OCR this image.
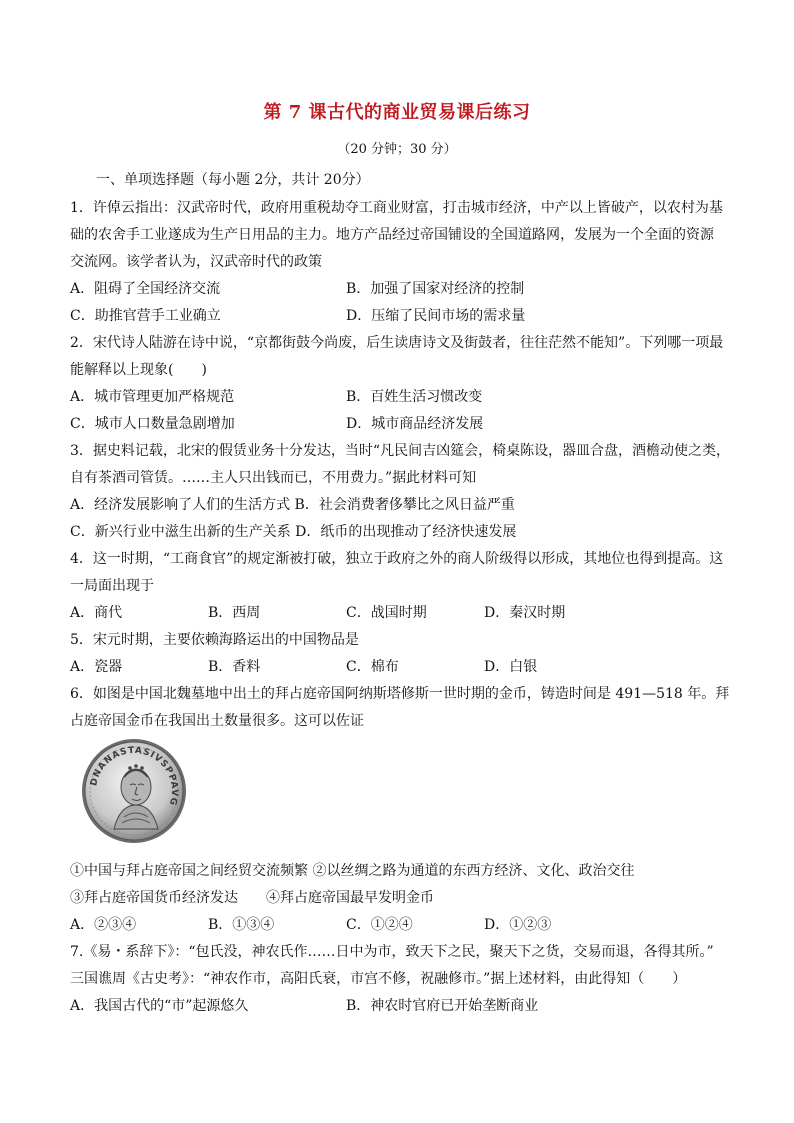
第 7 课古代的商业贸易课后练习
（20 分钟；30 分）
一、单项选择题（每小题 2分，共计 20分）
1．许倬云指出：汉武帝时代，政府用重税劫夺工商业财富，打击城市经济，中产以上皆破产，以农村为基
础的农舍手工业遂成为生产日用品的主力。地方产品经过帝国铺设的全国道路网，发展为一个全面的资源
交流网。该学者认为，汉武帝时代的政策
A．阻碍了全国经济交流	B．加强了国家对经济的控制
C．助推官营手工业确立	D．压缩了民间市场的需求量
2．宋代诗人陆游在诗中说，“京都街鼓今尚废，后生读唐诗文及街鼓者，往往茫然不能知”。下列哪一项最
能解释以上现象(　　)
A．城市管理更加严格规范	B．百姓生活习惯改变
C．城市人口数量急剧增加	D．城市商品经济发展
3．据史料记载，北宋的假赁业务十分发达，当时“凡民间吉凶筵会，椅桌陈设，器皿合盘，酒檐动使之类，
自有茶酒司管赁。……主人只出钱而已，不用费力。”据此材料可知
A．经济发展影响了人们的生活方式 B．社会消费奢侈攀比之风日益严重
C．新兴行业中滋生出新的生产关系 D．纸币的出现推动了经济快速发展
4．这一时期，“工商食官”的规定渐被打破，独立于政府之外的商人阶级得以形成，其地位也得到提高。这
一局面出现于
A．商代	B．西周	C．战国时期	D．秦汉时期
5．宋元时期，主要依赖海路运出的中国物品是
A．瓷器	B．香料	C．棉布	D．白银
6．如图是中国北魏墓地中出土的拜占庭帝国阿纳斯塔修斯一世时期的金币，铸造时间是 491—518 年。拜
占庭帝国金币在我国出土数量很多。这可以佐证
DNANASTASIVSPPAVG
①中国与拜占庭帝国之间经贸交流频繁 ②以丝绸之路为通道的东西方经济、文化、政治交往
③拜占庭帝国货币经济发达　　④拜占庭帝国最早发明金币
A．②③④	B．①③④	C．①②④	D．①②③
7.《易・系辞下》：“包氏没，神农氏作……日中为市，致天下之民，聚天下之货，交易而退，各得其所。”
三国谯周《古史考》：“神农作市，高阳氏衰，市宫不修，祝融修市。”据上述材料，由此得知（　　）
A．我国古代的“市”起源悠久	B．神农时官府已开始垄断商业
